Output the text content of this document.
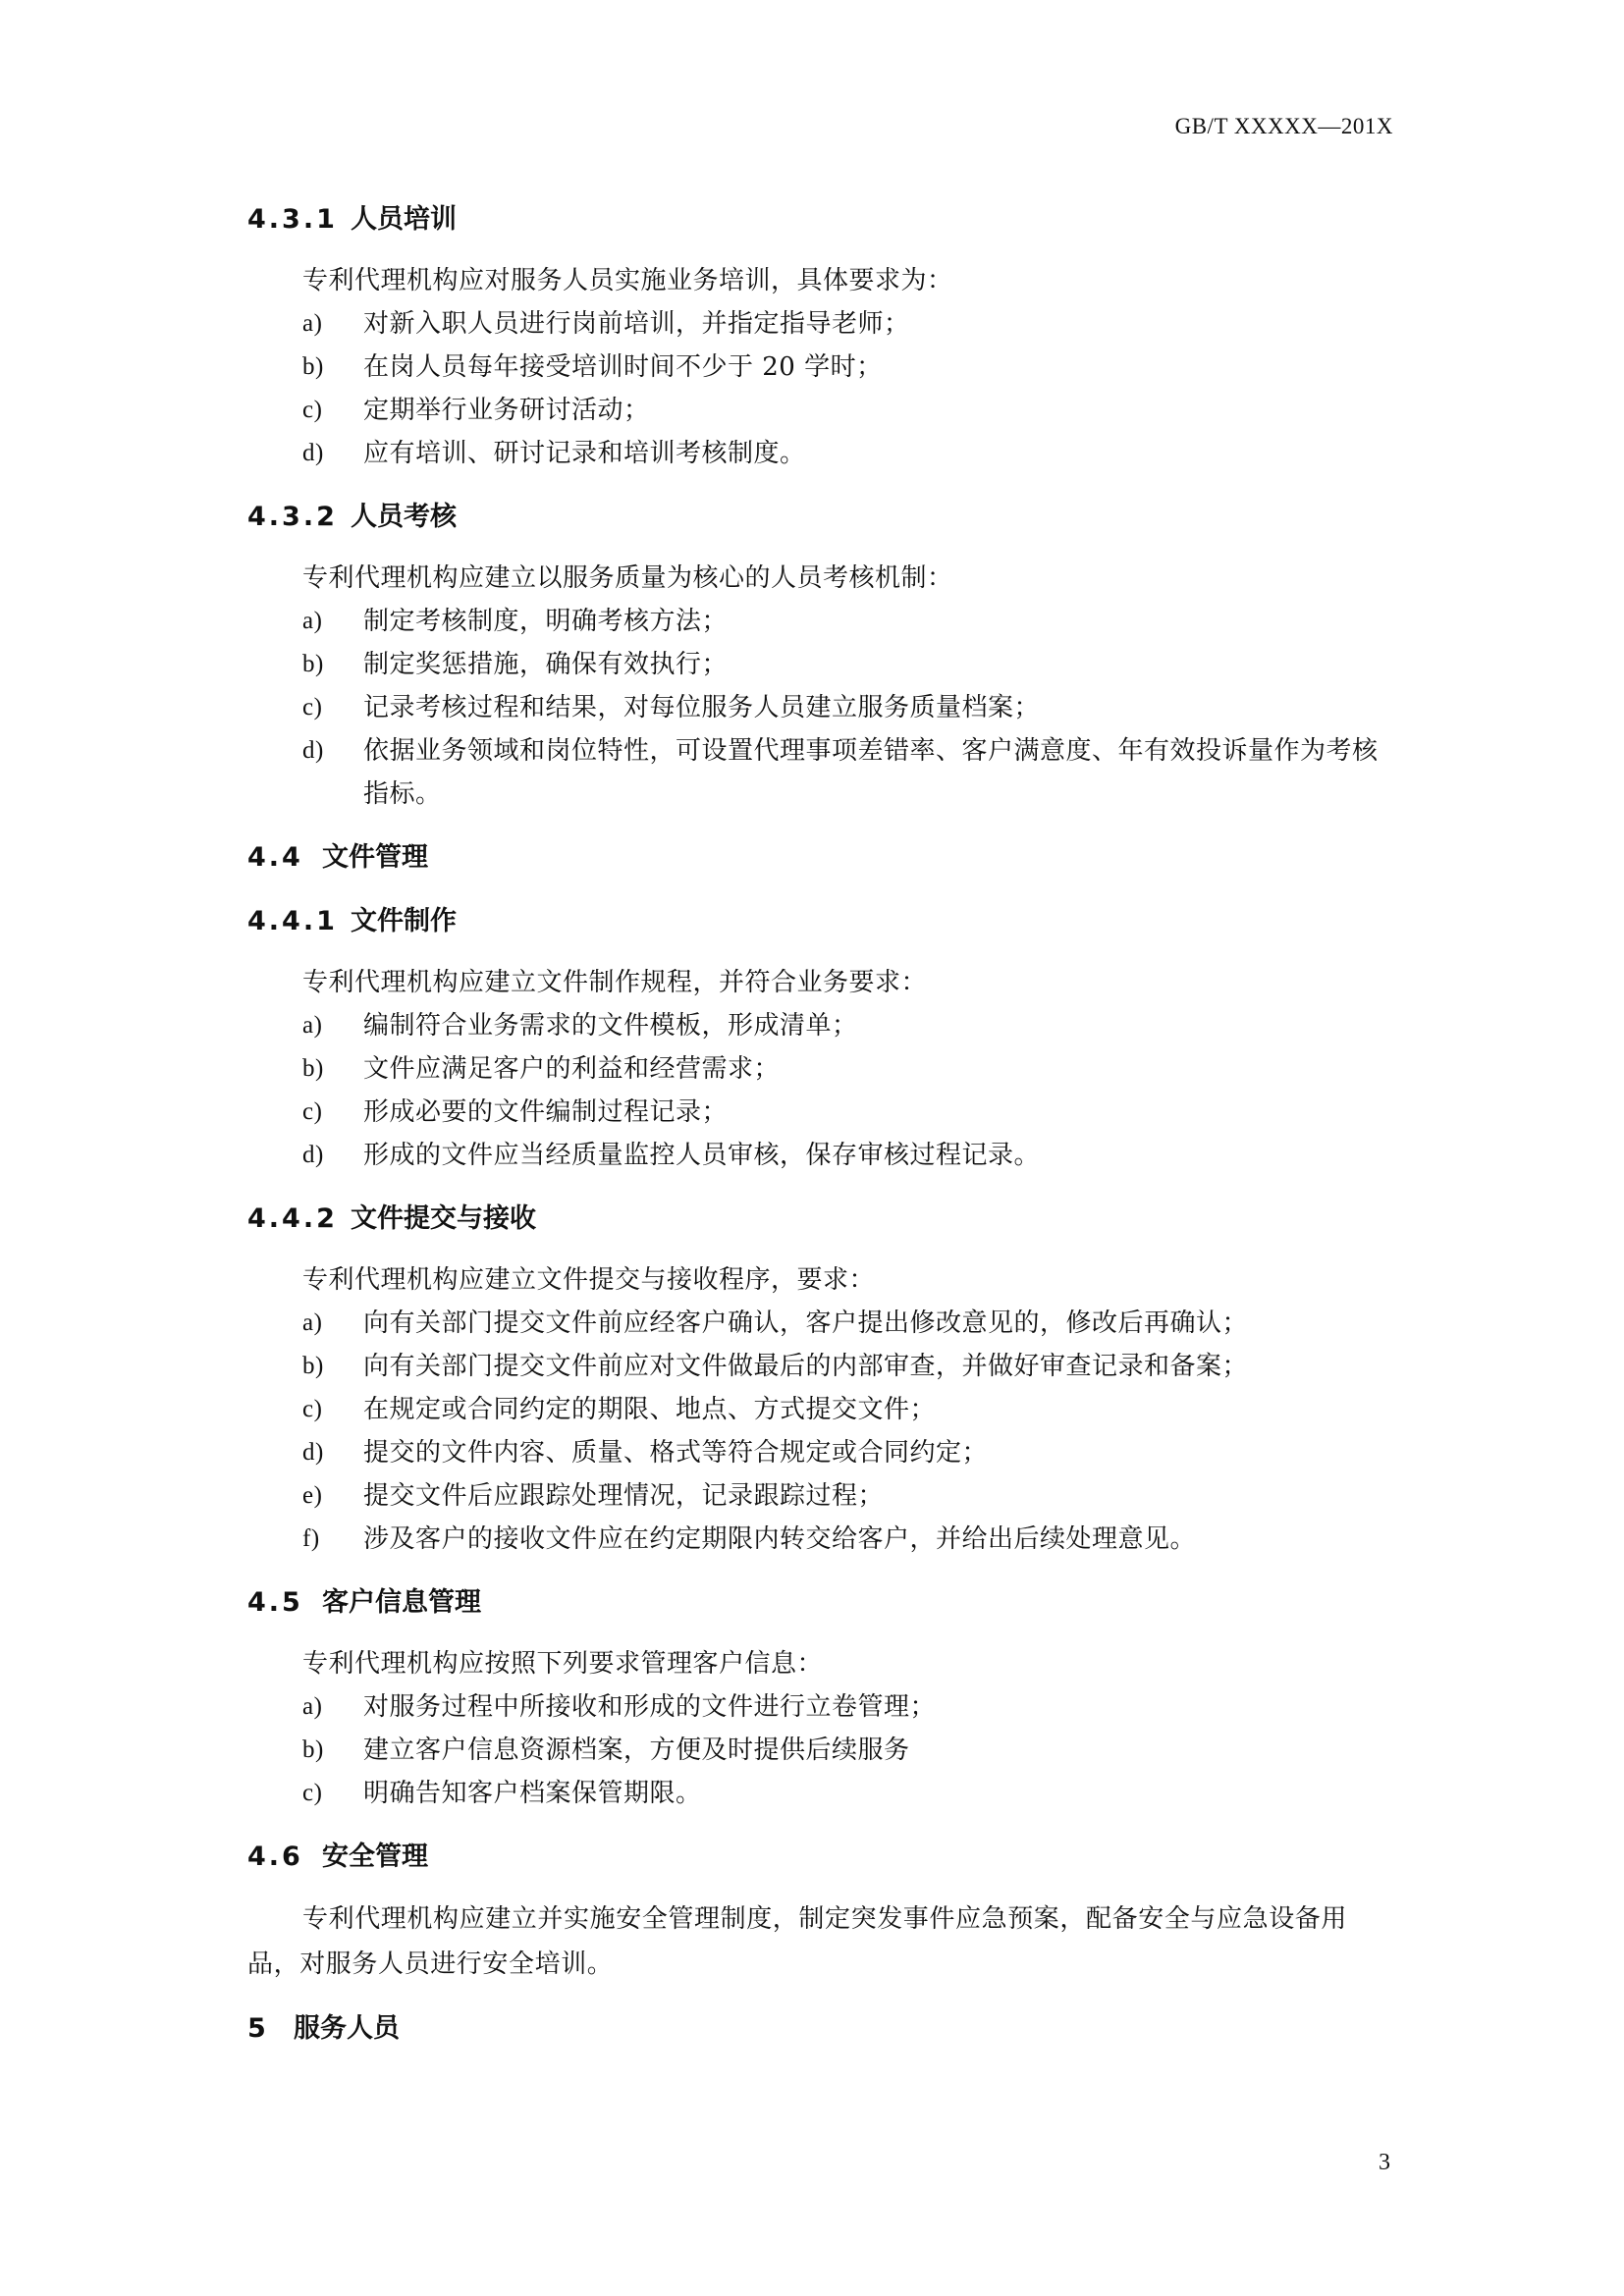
GB/T XXXXX—201X
4.3.1 人员培训
专利代理机构应对服务人员实施业务培训，具体要求为：
a) 对新入职人员进行岗前培训，并指定指导老师；
b) 在岗人员每年接受培训时间不少于 20 学时；
c) 定期举行业务研讨活动；
d) 应有培训、研讨记录和培训考核制度。
4.3.2 人员考核
专利代理机构应建立以服务质量为核心的人员考核机制：
a) 制定考核制度，明确考核方法；
b) 制定奖惩措施，确保有效执行；
c) 记录考核过程和结果，对每位服务人员建立服务质量档案；
d) 依据业务领域和岗位特性，可设置代理事项差错率、客户满意度、年有效投诉量作为考核指标。
4.4 文件管理
4.4.1 文件制作
专利代理机构应建立文件制作规程，并符合业务要求：
a) 编制符合业务需求的文件模板，形成清单；
b) 文件应满足客户的利益和经营需求；
c) 形成必要的文件编制过程记录；
d) 形成的文件应当经质量监控人员审核，保存审核过程记录。
4.4.2 文件提交与接收
专利代理机构应建立文件提交与接收程序，要求：
a) 向有关部门提交文件前应经客户确认，客户提出修改意见的，修改后再确认；
b) 向有关部门提交文件前应对文件做最后的内部审查，并做好审查记录和备案；
c) 在规定或合同约定的期限、地点、方式提交文件；
d) 提交的文件内容、质量、格式等符合规定或合同约定；
e) 提交文件后应跟踪处理情况，记录跟踪过程；
f) 涉及客户的接收文件应在约定期限内转交给客户，并给出后续处理意见。
4.5 客户信息管理
专利代理机构应按照下列要求管理客户信息：
a) 对服务过程中所接收和形成的文件进行立卷管理；
b) 建立客户信息资源档案，方便及时提供后续服务
c) 明确告知客户档案保管期限。
4.6 安全管理

专利代理机构应建立并实施安全管理制度，制定突发事件应急预案，配备安全与应急设备用品，对服务人员进行安全培训。

5 服务人员
3
